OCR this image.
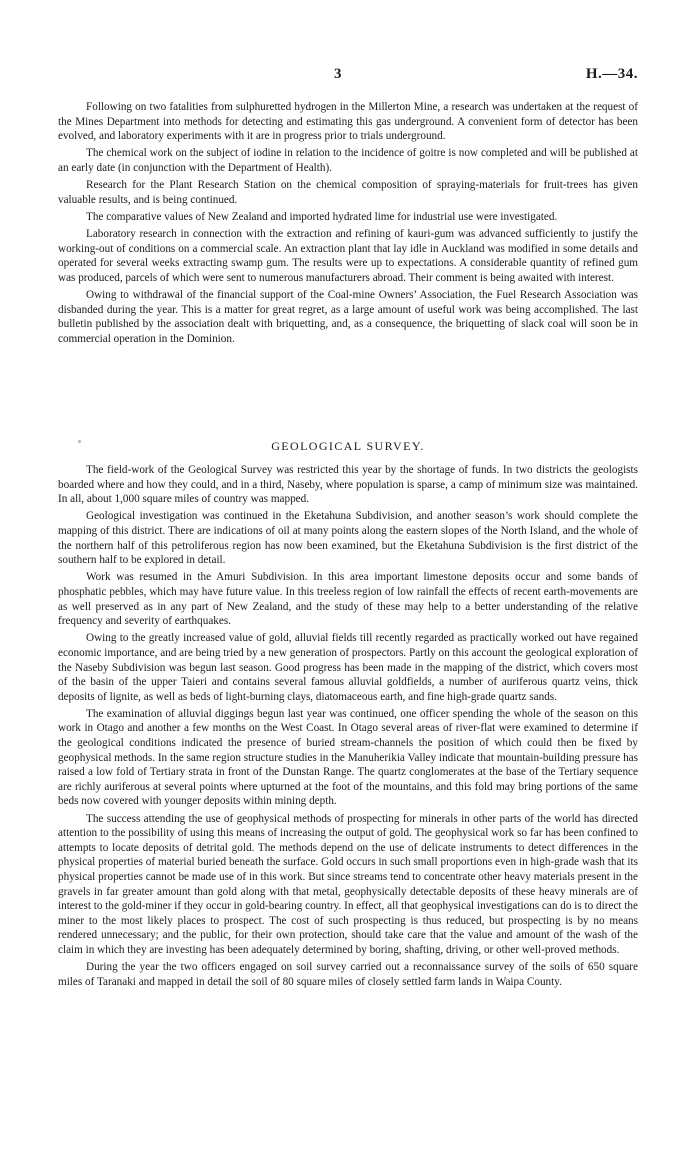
3	H.—34.

Following on two fatalities from sulphuretted hydrogen in the Millerton Mine, a research was undertaken at the request of the Mines Department into methods for detecting and estimating this gas underground. A convenient form of detector has been evolved, and laboratory experiments with it are in progress prior to trials underground.

The chemical work on the subject of iodine in relation to the incidence of goitre is now completed and will be published at an early date (in conjunction with the Department of Health).

Research for the Plant Research Station on the chemical composition of spraying-materials for fruit-trees has given valuable results, and is being continued.

The comparative values of New Zealand and imported hydrated lime for industrial use were investigated.

Laboratory research in connection with the extraction and refining of kauri-gum was advanced sufficiently to justify the working-out of conditions on a commercial scale. An extraction plant that lay idle in Auckland was modified in some details and operated for several weeks extracting swamp gum. The results were up to expectations. A considerable quantity of refined gum was produced, parcels of which were sent to numerous manufacturers abroad. Their comment is being awaited with interest.

Owing to withdrawal of the financial support of the Coal-mine Owners’ Association, the Fuel Research Association was disbanded during the year. This is a matter for great regret, as a large amount of useful work was being accomplished. The last bulletin published by the association dealt with briquetting, and, as a consequence, the briquetting of slack coal will soon be in commercial operation in the Dominion.

GEOLOGICAL SURVEY.

The field-work of the Geological Survey was restricted this year by the shortage of funds. In two districts the geologists boarded where and how they could, and in a third, Naseby, where population is sparse, a camp of minimum size was maintained. In all, about 1,000 square miles of country was mapped.

Geological investigation was continued in the Eketahuna Subdivision, and another season’s work should complete the mapping of this district. There are indications of oil at many points along the eastern slopes of the North Island, and the whole of the northern half of this petroliferous region has now been examined, but the Eketahuna Subdivision is the first district of the southern half to be explored in detail.

Work was resumed in the Amuri Subdivision. In this area important limestone deposits occur and some bands of phosphatic pebbles, which may have future value. In this treeless region of low rainfall the effects of recent earth-movements are as well preserved as in any part of New Zealand, and the study of these may help to a better understanding of the relative frequency and severity of earthquakes.

Owing to the greatly increased value of gold, alluvial fields till recently regarded as practically worked out have regained economic importance, and are being tried by a new generation of prospectors. Partly on this account the geological exploration of the Naseby Subdivision was begun last season. Good progress has been made in the mapping of the district, which covers most of the basin of the upper Taieri and contains several famous alluvial goldfields, a number of auriferous quartz veins, thick deposits of lignite, as well as beds of light-burning clays, diatomaceous earth, and fine high-grade quartz sands.

The examination of alluvial diggings begun last year was continued, one officer spending the whole of the season on this work in Otago and another a few months on the West Coast. In Otago several areas of river-flat were examined to determine if the geological conditions indicated the presence of buried stream-channels the position of which could then be fixed by geophysical methods. In the same region structure studies in the Manuherikia Valley indicate that mountain-building pressure has raised a low fold of Tertiary strata in front of the Dunstan Range. The quartz conglomerates at the base of the Tertiary sequence are richly auriferous at several points where upturned at the foot of the mountains, and this fold may bring portions of the same beds now covered with younger deposits within mining depth.

The success attending the use of geophysical methods of prospecting for minerals in other parts of the world has directed attention to the possibility of using this means of increasing the output of gold. The geophysical work so far has been confined to attempts to locate deposits of detrital gold. The methods depend on the use of delicate instruments to detect differences in the physical properties of material buried beneath the surface. Gold occurs in such small proportions even in high-grade wash that its physical properties cannot be made use of in this work. But since streams tend to concentrate other heavy materials present in the gravels in far greater amount than gold along with that metal, geophysically detectable deposits of these heavy minerals are of interest to the gold-miner if they occur in gold-bearing country. In effect, all that geophysical investigations can do is to direct the miner to the most likely places to prospect. The cost of such prospecting is thus reduced, but prospecting is by no means rendered unnecessary; and the public, for their own protection, should take care that the value and amount of the wash of the claim in which they are investing has been adequately determined by boring, shafting, driving, or other well-proved methods.

During the year the two officers engaged on soil survey carried out a reconnaissance survey of the soils of 650 square miles of Taranaki and mapped in detail the soil of 80 square miles of closely settled farm lands in Waipa County.
